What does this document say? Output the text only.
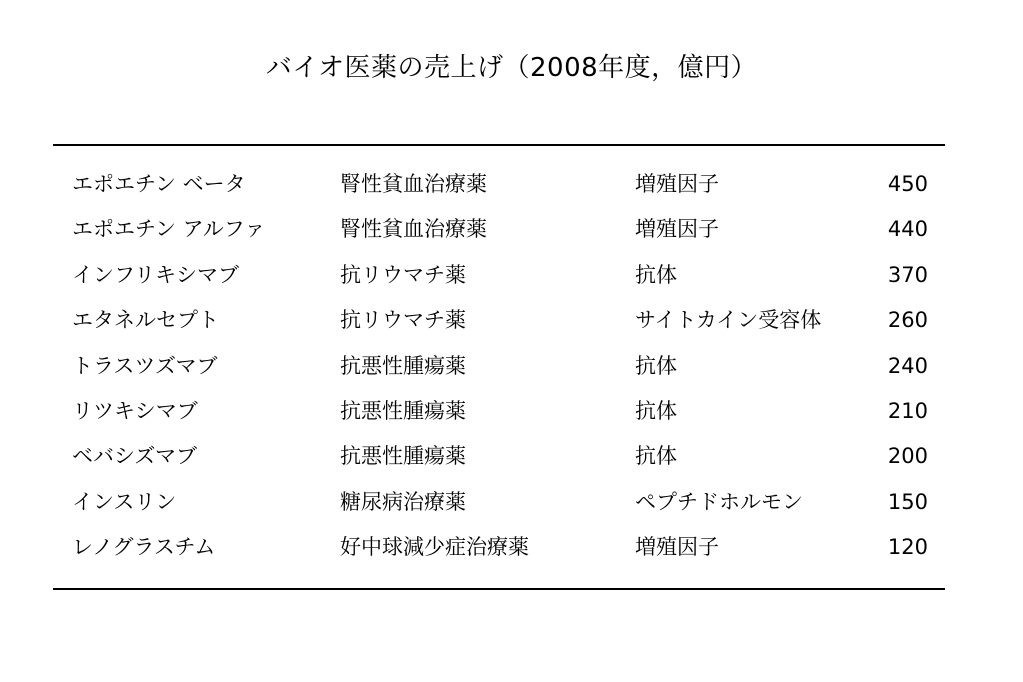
バイオ医薬の売上げ（2008年度，億円）
エポエチン ベータ	腎性貧血治療薬	増殖因子	450
エポエチン アルファ	腎性貧血治療薬	増殖因子	440
インフリキシマブ	抗リウマチ薬	抗体	370
エタネルセプト	抗リウマチ薬	サイトカイン受容体	260
トラスツズマブ	抗悪性腫瘍薬	抗体	240
リツキシマブ	抗悪性腫瘍薬	抗体	210
ベバシズマブ	抗悪性腫瘍薬	抗体	200
インスリン	糖尿病治療薬	ペプチドホルモン	150
レノグラスチム	好中球減少症治療薬	増殖因子	120
